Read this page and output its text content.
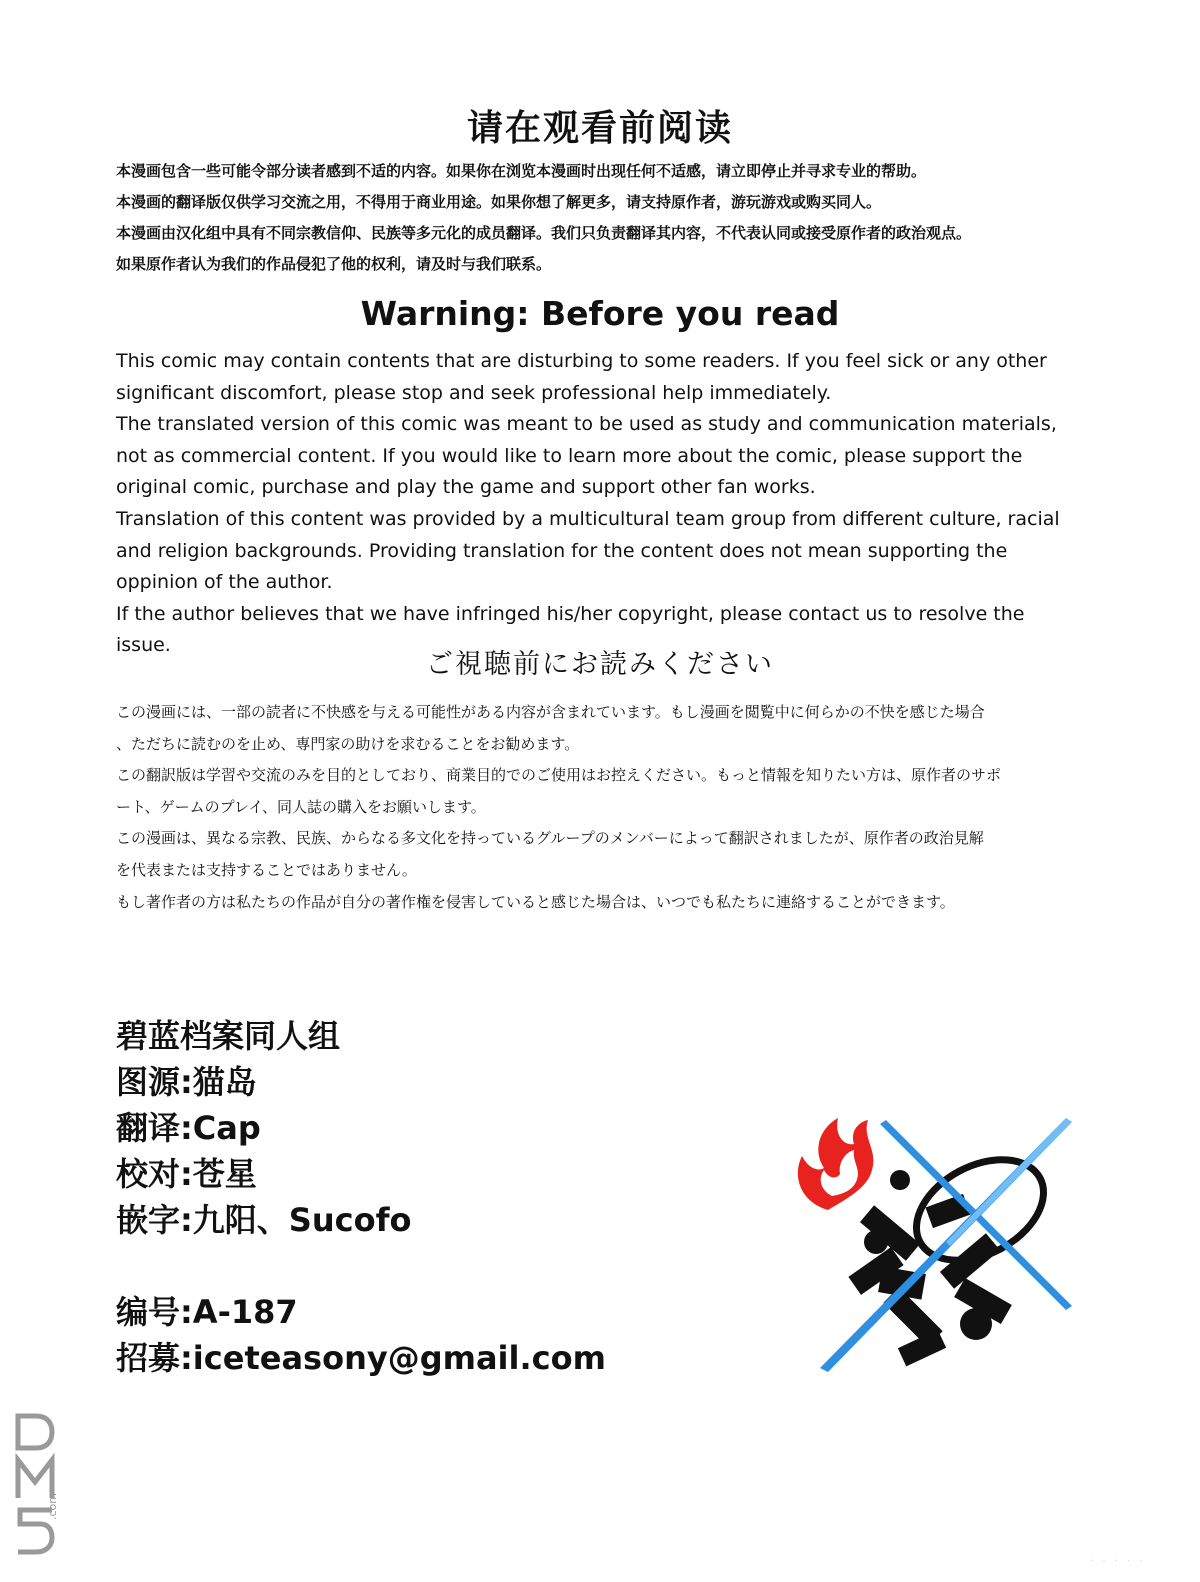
请在观看前阅读

本漫画包含一些可能令部分读者感到不适的内容。如果你在浏览本漫画时出现任何不适感，请立即停止并寻求专业的帮助。

本漫画的翻译版仅供学习交流之用，不得用于商业用途。如果你想了解更多，请支持原作者，游玩游戏或购买同人。

本漫画由汉化组中具有不同宗教信仰、民族等多元化的成员翻译。我们只负责翻译其内容，不代表认同或接受原作者的政治观点。

如果原作者认为我们的作品侵犯了他的权利，请及时与我们联系。

Warning: Before you read

This comic may contain contents that are disturbing to some readers. If you feel sick or any other significant discomfort, please stop and seek professional help immediately.

The translated version of this comic was meant to be used as study and communication materials, not as commercial content. If you would like to learn more about the comic, please support the original comic, purchase and play the game and support other fan works.

Translation of this content was provided by a multicultural team group from different culture, racial and religion backgrounds. Providing translation for the content does not mean supporting the oppinion of the author.

If the author believes that we have infringed his/her copyright, please contact us to resolve the issue.

ご視聴前にお読みください

この漫画には、一部の読者に不快感を与える可能性がある内容が含まれています。もし漫画を閲覧中に何らかの不快を感じた場合

、ただちに読むのを止め、専門家の助けを求むることをお勧めます。

この翻訳版は学習や交流のみを目的としており、商業目的でのご使用はお控えください。もっと情報を知りたい方は、原作者のサポ

ート、ゲームのプレイ、同人誌の購入をお願いします。

この漫画は、異なる宗教、民族、からなる多文化を持っているグループのメンバーによって翻訳されましたが、原作者の政治見解

を代表または支持することではありません。

もし著作者の方は私たちの作品が自分の著作権を侵害していると感じた場合は、いつでも私たちに連絡することができます。

碧蓝档案同人组
图源:猫岛
翻译:Cap
校对:苍星
嵌字:九阳、Sucofo
编号:A-187
招募:iceteasony@gmail.com
.com
· · · · ·
